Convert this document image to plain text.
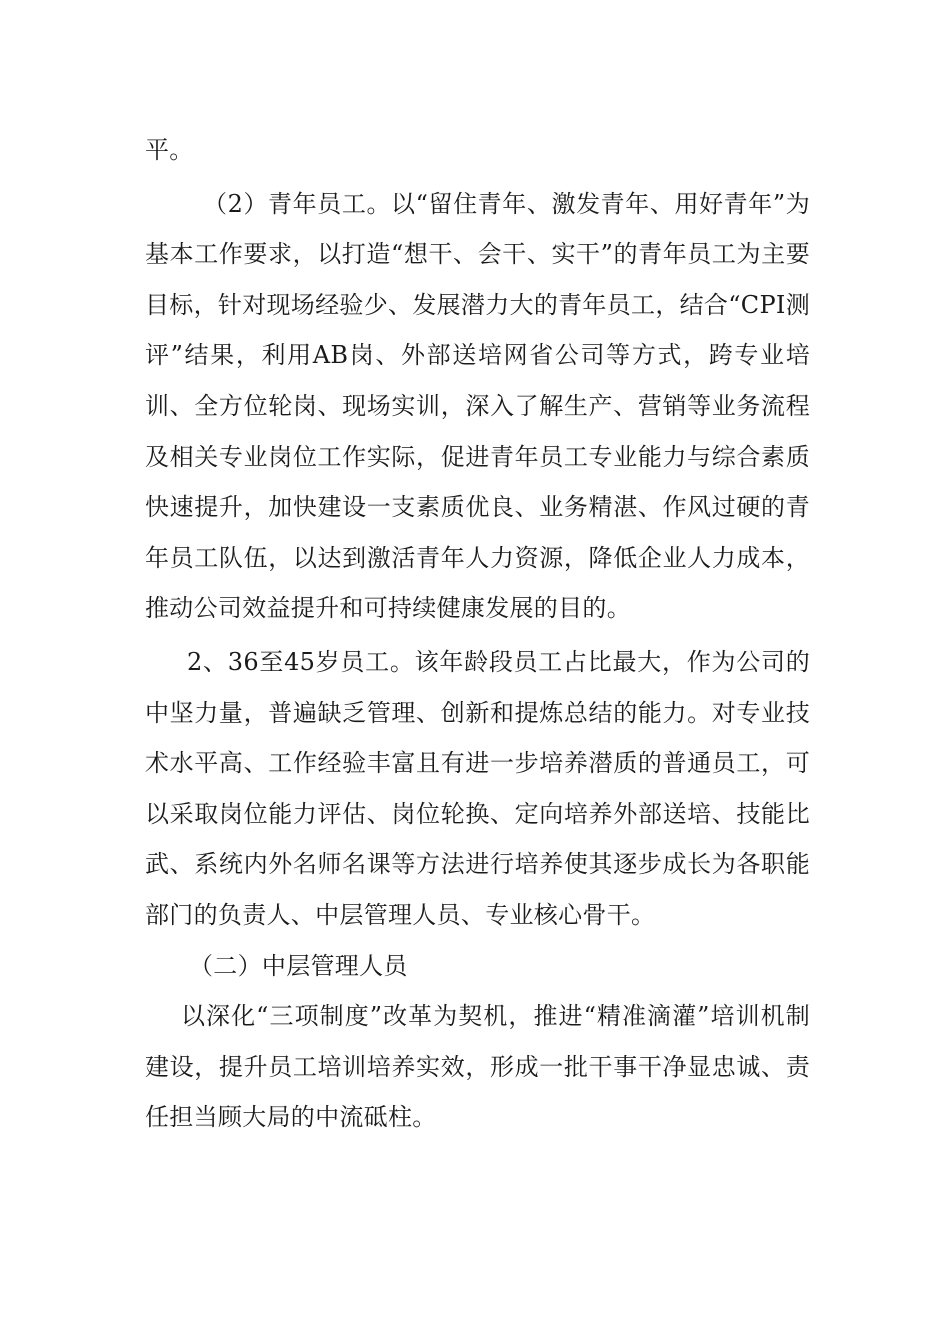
平。

（2）青年员工。以“留住青年、激发青年、用好青年”为基本工作要求，以打造“想干、会干、实干”的青年员工为主要目标，针对现场经验少、发展潜力大的青年员工，结合“CPI测评”结果，利用AB岗、外部送培网省公司等方式，跨专业培训、全方位轮岗、现场实训，深入了解生产、营销等业务流程及相关专业岗位工作实际，促进青年员工专业能力与综合素质快速提升，加快建设一支素质优良、业务精湛、作风过硬的青年员工队伍，以达到激活青年人力资源，降低企业人力成本，推动公司效益提升和可持续健康发展的目的。

2、36至45岁员工。该年龄段员工占比最大，作为公司的中坚力量，普遍缺乏管理、创新和提炼总结的能力。对专业技术水平高、工作经验丰富且有进一步培养潜质的普通员工，可以采取岗位能力评估、岗位轮换、定向培养外部送培、技能比武、系统内外名师名课等方法进行培养使其逐步成长为各职能部门的负责人、中层管理人员、专业核心骨干。

（二）中层管理人员

以深化“三项制度”改革为契机，推进“精准滴灌”培训机制建设，提升员工培训培养实效，形成一批干事干净显忠诚、责任担当顾大局的中流砥柱。
